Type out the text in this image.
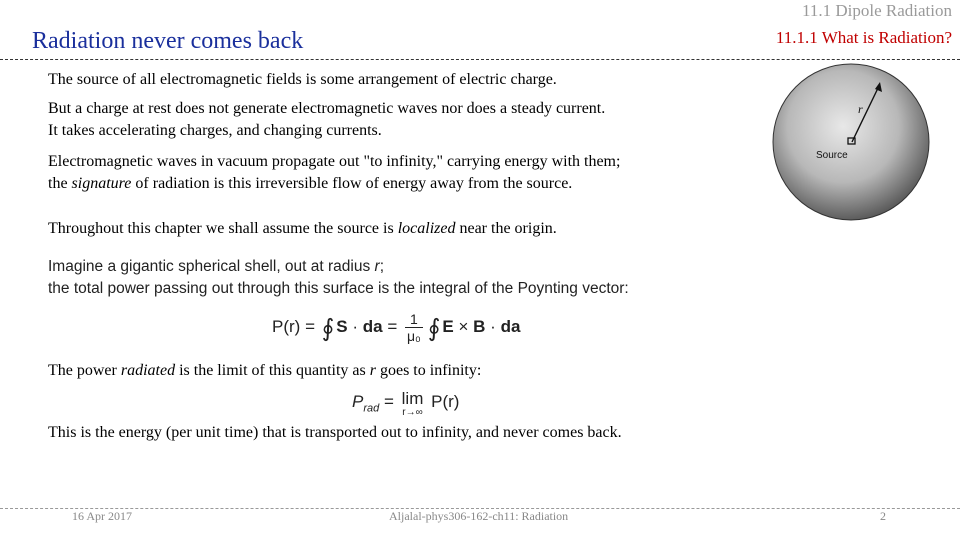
11.1 Dipole Radiation
11.1.1 What is Radiation?
Radiation never comes back
The source of all electromagnetic fields is some arrangement of electric charge.
But a charge at rest does not generate electromagnetic waves nor does a steady current.
It takes accelerating charges, and changing currents.
Electromagnetic waves in vacuum propagate out "to infinity," carrying energy with them;
the signature of radiation is this irreversible flow of energy away from the source.
Throughout this chapter we shall assume the source is localized near the origin.
Imagine a gigantic spherical shell, out at radius r;
the total power passing out through this surface is the integral of the Poynting vector:
P(r) = ∮ S · da = $\frac{1}{\text{μ₀}}$ ∮ E × B · da
The power radiated is the limit of this quantity as r goes to infinity:
$P_{rad} = \lim$
r→∞
P(r)
This is the energy (per unit time) that is transported out to infinity, and never comes back.
r
Source
16 Apr 2017	Aljalal-phys306-162-ch11: Radiation	2
